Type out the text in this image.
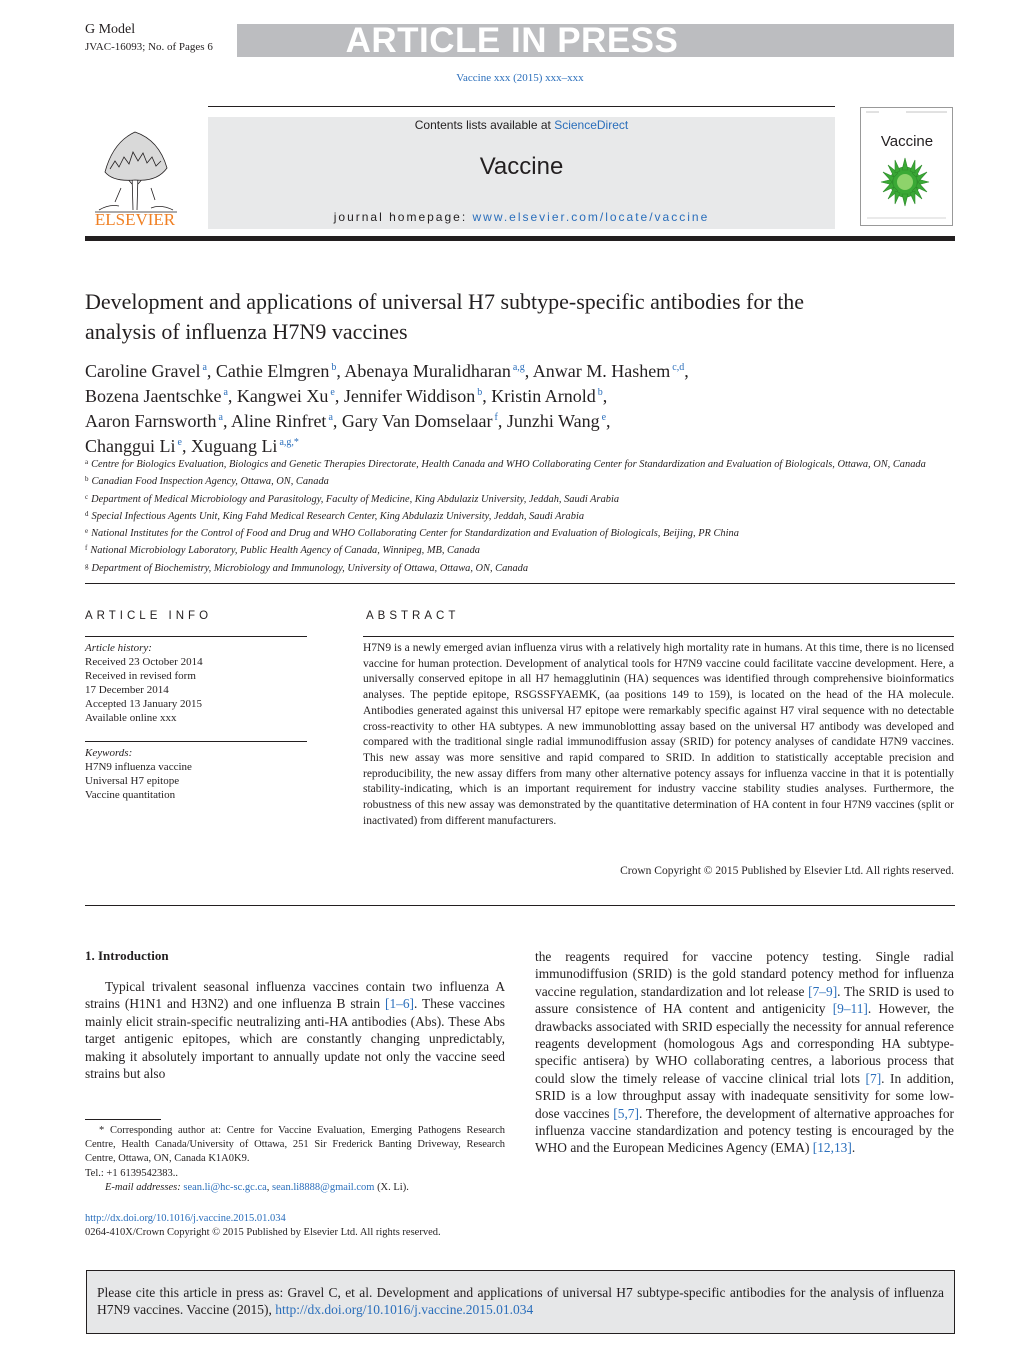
G Model
JVAC-16093; No. of Pages 6	ARTICLE IN PRESS
Vaccine xxx (2015) xxx–xxx
ELSEVIER
Contents lists available at ScienceDirect
Vaccine
journal homepage: www.elsevier.com/locate/vaccine
Vaccine
Development and applications of universal H7 subtype-specific antibodies for the analysis of influenza H7N9 vaccines
Caroline Gravel $^a$, Cathie Elmgren $^b$, Abenaya Muralidharan $^{a,g}$, Anwar M. Hashem $^{c,d}$,
Bozena Jaentschke $^a$, Kangwei Xu $^e$, Jennifer Widdison $^b$, Kristin Arnold $^b$,
Aaron Farnsworth $^a$, Aline Rinfret $^a$, Gary Van Domselaar $^f$, Junzhi Wang $^e$,
Changgui Li $^e$, Xuguang Li $^{a,g,*}$
$^a$ Centre for Biologics Evaluation, Biologics and Genetic Therapies Directorate, Health Canada and WHO Collaborating Center for Standardization and Evaluation of Biologicals, Ottawa, ON, Canada
$^b$ Canadian Food Inspection Agency, Ottawa, ON, Canada
$^c$ Department of Medical Microbiology and Parasitology, Faculty of Medicine, King Abdulaziz University, Jeddah, Saudi Arabia
$^d$ Special Infectious Agents Unit, King Fahd Medical Research Center, King Abdulaziz University, Jeddah, Saudi Arabia
$^e$ National Institutes for the Control of Food and Drug and WHO Collaborating Center for Standardization and Evaluation of Biologicals, Beijing, PR China
$^f$ National Microbiology Laboratory, Public Health Agency of Canada, Winnipeg, MB, Canada
$^g$ Department of Biochemistry, Microbiology and Immunology, University of Ottawa, Ottawa, ON, Canada
ARTICLE INFO
Article history:
Received 23 October 2014
Received in revised form
17 December 2014
Accepted 13 January 2015
Available online xxx
Keywords:
H7N9 influenza vaccine
Universal H7 epitope
Vaccine quantitation
ABSTRACT
H7N9 is a newly emerged avian influenza virus with a relatively high mortality rate in humans. At this time, there is no licensed vaccine for human protection. Development of analytical tools for H7N9 vaccine could facilitate vaccine development. Here, a universally conserved epitope in all H7 hemagglutinin (HA) sequences was identified through comprehensive bioinformatics analyses. The peptide epitope, RSGSSFYAEMK, (aa positions 149 to 159), is located on the head of the HA molecule. Antibodies generated against this universal H7 epitope were remarkably specific against H7 viral sequence with no detectable cross-reactivity to other HA subtypes. A new immunoblotting assay based on the universal H7 antibody was developed and compared with the traditional single radial immunodiffusion assay (SRID) for potency analyses of candidate H7N9 vaccines. This new assay was more sensitive and rapid compared to SRID. In addition to statistically acceptable precision and reproducibility, the new assay differs from many other alternative potency assays for influenza vaccine in that it is potentially stability-indicating, which is an important requirement for industry vaccine stability studies analyses. Furthermore, the robustness of this new assay was demonstrated by the quantitative determination of HA content in four H7N9 vaccines (split or inactivated) from different manufacturers.
Crown Copyright © 2015 Published by Elsevier Ltd. All rights reserved.
1. Introduction
Typical trivalent seasonal influenza vaccines contain two influenza A strains (H1N1 and H3N2) and one influenza B strain [1–6]. These vaccines mainly elicit strain-specific neutralizing anti-HA antibodies (Abs). These Abs target antigenic epitopes, which are constantly changing unpredictably, making it absolutely important to annually update not only the vaccine seed strains but also
the reagents required for vaccine potency testing. Single radial immunodiffusion (SRID) is the gold standard potency method for influenza vaccine regulation, standardization and lot release [7–9]. The SRID is used to assure consistence of HA content and antigenicity [9–11]. However, the drawbacks associated with SRID especially the necessity for annual reference reagents development (homologous Ags and corresponding HA subtype-specific antisera) by WHO collaborating centres, a laborious process that could slow the timely release of vaccine clinical trial lots [7]. In addition, SRID is a low throughput assay with inadequate sensitivity for some low-dose vaccines [5,7]. Therefore, the development of alternative approaches for influenza vaccine standardization and potency testing is encouraged by the WHO and the European Medicines Agency (EMA) [12,13].
* Corresponding author at: Centre for Vaccine Evaluation, Emerging Pathogens Research Centre, Health Canada/University of Ottawa, 251 Sir Frederick Banting Driveway, Research Centre, Ottawa, ON, Canada K1A0K9.
Tel.: +1 6139542383..
E-mail addresses: sean.li@hc-sc.gc.ca, sean.li8888@gmail.com (X. Li).
http://dx.doi.org/10.1016/j.vaccine.2015.01.034
0264-410X/Crown Copyright © 2015 Published by Elsevier Ltd. All rights reserved.
Please cite this article in press as: Gravel C, et al. Development and applications of universal H7 subtype-specific antibodies for the analysis of influenza H7N9 vaccines. Vaccine (2015), http://dx.doi.org/10.1016/j.vaccine.2015.01.034
